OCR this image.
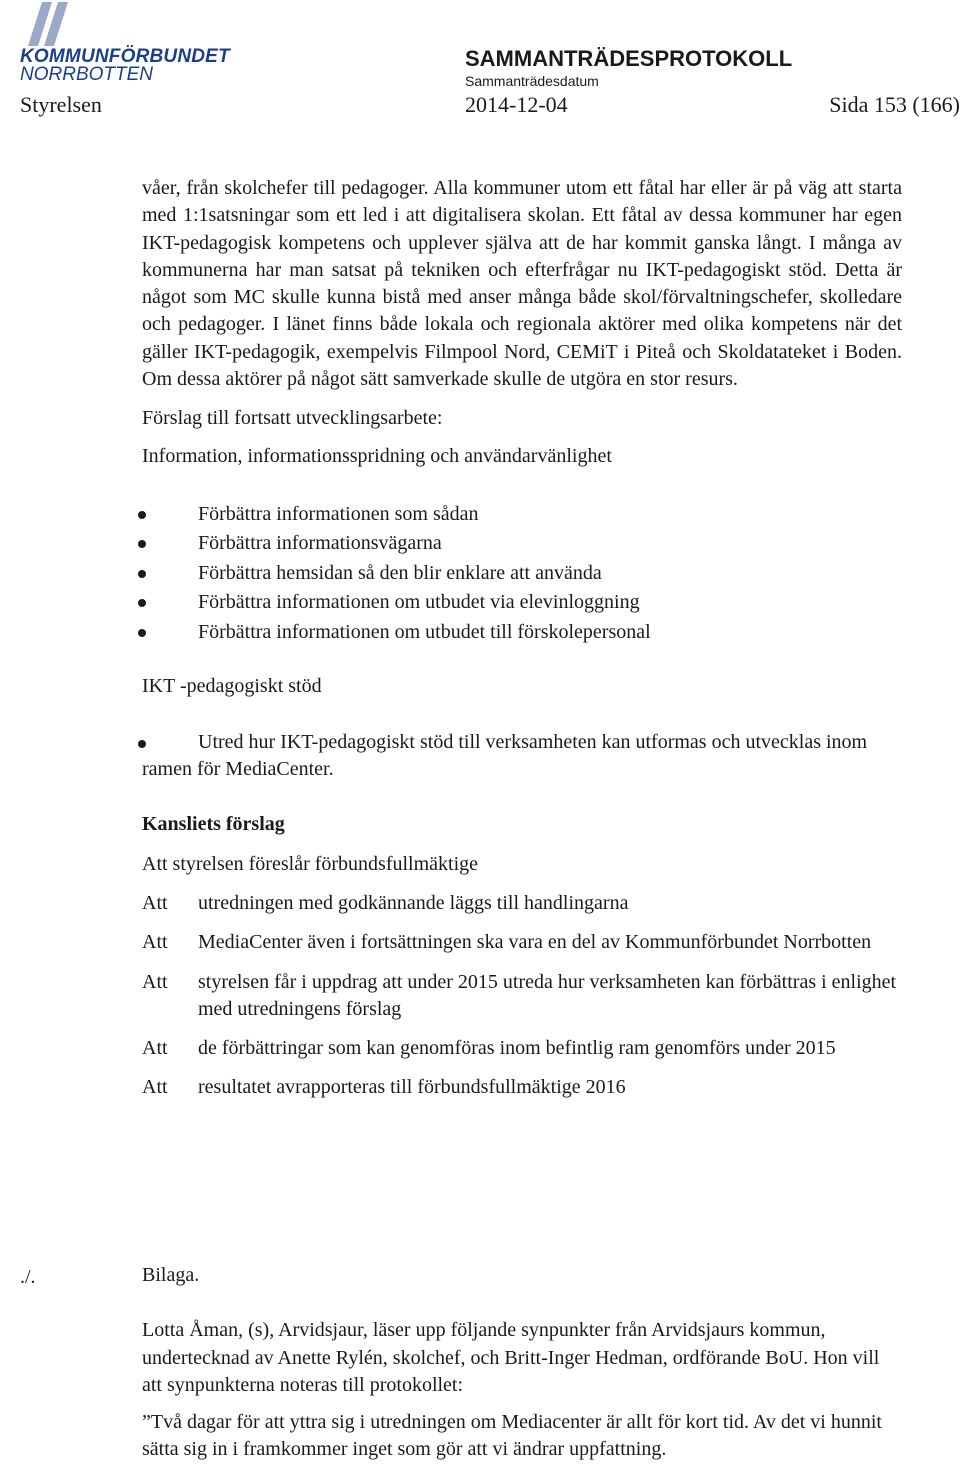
KOMMUNFÖRBUNDET
NORRBOTTEN
SAMMANTRÄDESPROTOKOLL
Sammanträdesdatum
Styrelsen	2014-12-04	Sida 153 (166)

våer, från skolchefer till pedagoger. Alla kommuner utom ett fåtal har eller är på väg att starta med 1:1satsningar som ett led i att digitalisera skolan. Ett fåtal av dessa kommuner har egen IKT-pedagogisk kompetens och upplever själva att de har kommit ganska långt. I många av kommunerna har man satsat på tekniken och efterfrågar nu IKT-pedagogiskt stöd. Detta är något som MC skulle kunna bistå med anser många både skol/förvaltningschefer, skolledare och pedagoger. I länet finns både lokala och regionala aktörer med olika kompetens när det gäller IKT-pedagogik, exempelvis Filmpool Nord, CEMiT i Piteå och Skoldatateket i Boden. Om dessa aktörer på något sätt samverkade skulle de utgöra en stor resurs.

Förslag till fortsatt utvecklingsarbete:

Information, informationsspridning och användarvänlighet

Förbättra informationen som sådan
Förbättra informationsvägarna
Förbättra hemsidan så den blir enklare att använda
Förbättra informationen om utbudet via elevinloggning
Förbättra informationen om utbudet till förskolepersonal

IKT -pedagogiskt stöd

Utred hur IKT-pedagogiskt stöd till verksamheten kan utformas och utvecklas inom ramen för MediaCenter.

Kansliets förslag

Att styrelsen föreslår förbundsfullmäktige

Att	utredningen med godkännande läggs till handlingarna
Att	MediaCenter även i fortsättningen ska vara en del av Kommunförbundet Norrbotten
Att	styrelsen får i uppdrag att under 2015 utreda hur verksamheten kan förbättras i enlighet med utredningens förslag
Att	de förbättringar som kan genomföras inom befintlig ram genomförs under 2015
Att	resultatet avrapporteras till förbundsfullmäktige 2016
./.	Bilaga.

Lotta Åman, (s), Arvidsjaur, läser upp följande synpunkter från Arvidsjaurs kommun, undertecknad av Anette Rylén, skolchef, och Britt-Inger Hedman, ordförande BoU. Hon vill att synpunkterna noteras till protokollet:

”Två dagar för att yttra sig i utredningen om Mediacenter är allt för kort tid. Av det vi hunnit sätta sig in i framkommer inget som gör att vi ändrar uppfattning.
